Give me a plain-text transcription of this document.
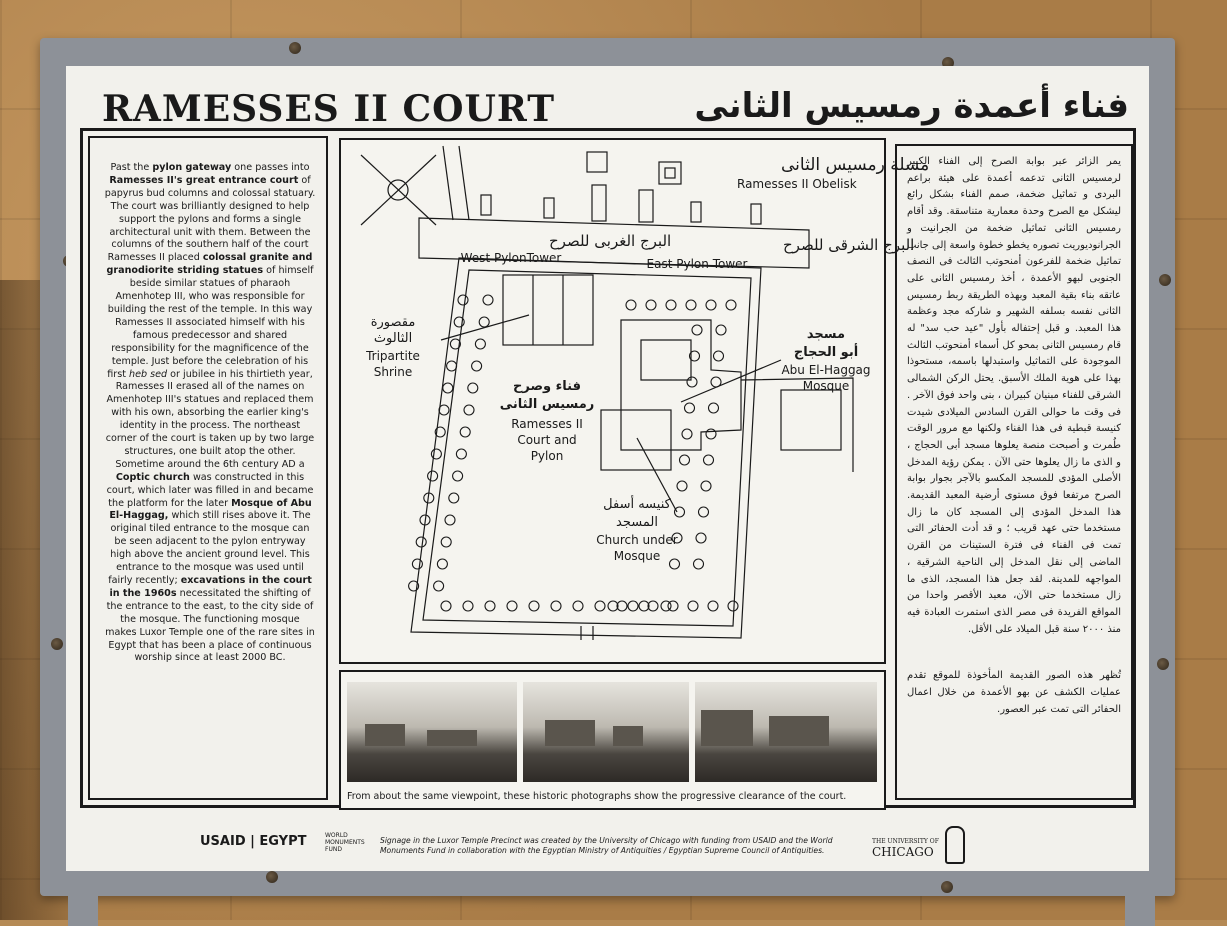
RAMESSES II COURT	فناء أعمدة رمسيس الثانى
Past the pylon gateway one passes into Ramesses II's great entrance court of papyrus bud columns and colossal statuary. The court was brilliantly designed to help support the pylons and forms a single architectural unit with them. Between the columns of the southern half of the court Ramesses II placed colossal granite and granodiorite striding statues of himself beside similar statues of pharaoh Amenhotep III, who was responsible for building the rest of the temple. In this way Ramesses II associated himself with his famous predecessor and shared responsibility for the magnificence of the temple. Just before the celebration of his first heb sed or jubilee in his thirtieth year, Ramesses II erased all of the names on Amenhotep III's statues and replaced them with his own, absorbing the earlier king's identity in the process. The northeast corner of the court is taken up by two large structures, one built atop the other. Sometime around the 6th century AD a Coptic church was constructed in this court, which later was filled in and became the platform for the later Mosque of Abu El-Haggag, which still rises above it. The original tiled entrance to the mosque can be seen adjacent to the pylon entryway high above the ancient ground level. This entrance to the mosque was used until fairly recently; excavations in the court in the 1960s necessitated the shifting of the entrance to the east, to the city side of the mosque. The functioning mosque makes Luxor Temple one of the rare sites in Egypt that has been a place of continuous worship since at least 2000 BC.
مسلة رمسيس الثانى
Ramesses II Obelisk
البرج الغربى للصرح
West PylonTower
البرج الشرقى للصرح
East Pylon Tower
مقصورة
الثالوث
Tripartite
Shrine
فناء وصرح
رمسيس الثانى
Ramesses II
Court and
Pylon
مسجد
أبو الحجاج
Abu El-Haggag
Mosque
كنيسه أسفل
المسجد
Church under
Mosque
From about the same viewpoint, these historic photographs show the progressive clearance of the court.

يمر الزائر عبر بوابة الصرح إلى الفناء الكبير لرمسيس الثانى تدعمه أعمدة على هيئة براعم البردى و تماثيل ضخمة، صمم الفناء بشكل رائع ليشكل مع الصرح وحدة معمارية متناسقة. وقد أقام رمسيس الثانى تماثيل ضخمة من الجرانيت و الجرانوديوريت تصوره يخطو خطوة واسعة إلى جانب تماثيل ضخمة للفرعون أمنحوتب الثالث فى النصف الجنوبى لبهو الأعمدة ، أخذ رمسيس الثانى على عاتقه بناء بقية المعبد وبهذه الطريقة ربط رمسيس الثانى نفسه بسلفه الشهير و شاركه مجد وعظمة هذا المعبد. و قبل إحتفاله بأول "عيد حب سد" له قام رمسيس الثانى بمحو كل أسماء أمنحوتب الثالث الموجودة على التماثيل واستبدلها باسمه، مستحوذا بهذا على هوية الملك الأسبق. يحتل الركن الشمالى الشرقى للفناء مبنيان كبيران ، بنى واحد فوق الآخر . فى وقت ما حوالى القرن السادس الميلادى شيدت كنيسة قبطية فى هذا الفناء ولكنها مع مرور الوقت طُمرت و أصبحت منصة يعلوها مسجد أبى الحجاج ، و الذى ما زال يعلوها حتى الآن . يمكن رؤية المدخل الأصلى المؤدى للمسجد المكسو بالآجر بجوار بوابة الصرح مرتفعا فوق مستوى أرضية المعبد القديمة. هذا المدخل المؤدى إلى المسجد كان ما زال مستخدما حتى عهد قريب ؛ و قد أدت الحفائر التى تمت فى الفناء فى فترة الستينات من القرن الماضى إلى نقل المدخل إلى الناحية الشرقية ، المواجهه للمدينة. لقد جعل هذا المسجد، الذى ما زال مستخدما حتى الآن، معبد الأقصر واحدا من المواقع الفريدة فى مصر الذى استمرت العبادة فيه منذ ٢٠٠٠ سنة قبل الميلاد على الأقل.

تُظهر هذه الصور القديمة المأخوذة للموقع تقدم عمليات الكشف عن بهو الأعمدة من خلال اعمال الحفائر التى تمت عبر العصور.

USAID | EGYPT	WORLD MONUMENTS FUND
Signage in the Luxor Temple Precinct was created by the University of Chicago with funding from USAID and the World Monuments Fund in collaboration with the Egyptian Ministry of Antiquities / Egyptian Supreme Council of Antiquities.
THE UNIVERSITY OF
CHICAGO
